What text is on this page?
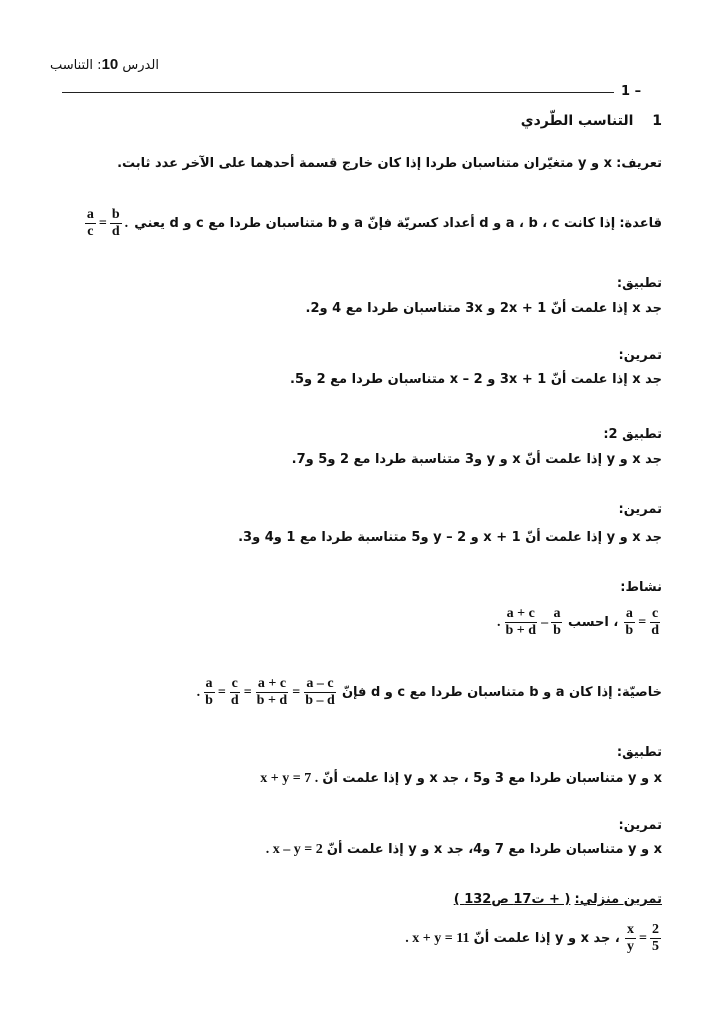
الدرس 10: التناسب
1 –
1 التناسب الطّردي
تعريف: x و y متغيّران متناسبان طردا إذا كان خارج قسمة أحدهما على الآخر عدد ثابت.
قاعدة: إذا كانت a ، b ، c و d أعداد كسريّة فإنّ a و b متناسبان طردا مع c و d يعني
$\frac{a}{c} = \frac{b}{d}$ .
تطبيق:
جد x إذا علمت أنّ 2x + 1 و 3x متناسبان طردا مع 4 و2.
تمرين:
جد x إذا علمت أنّ 3x + 1 و x – 2 متناسبان طردا مع 2 و5.
تطبيق 2:
جد x و y إذا علمت أنّ x و y و3 متناسبة طردا مع 2 و5 و7.
تمرين:
جد x و y إذا علمت أنّ x + 1 و y – 2 و5 متناسبة طردا مع 1 و4 و3.
نشاط:
$\frac{a}{b} = \frac{c}{d}$
، احسب
. $\frac{a + c}{b + d} - \frac{a}{b}$
خاصيّة: إذا كان a و b متناسبان طردا مع c و d فإنّ
. $\frac{a}{b} = \frac{c}{d} = \frac{a + c}{b + d} = \frac{a - c}{b - d}$
تطبيق:
x و y متناسبان طردا مع 3 و5 ، جد x و y إذا علمت أنّ x + y = 7 .
تمرين:
x و y متناسبان طردا مع 7 و4، جد x و y إذا علمت أنّ . x – y = 2
تمرين منزلي: ( + ت17 ص132 )
$\frac{x}{y} = \frac{2}{5}$
، جد x و y إذا علمت أنّ . x + y = 11
